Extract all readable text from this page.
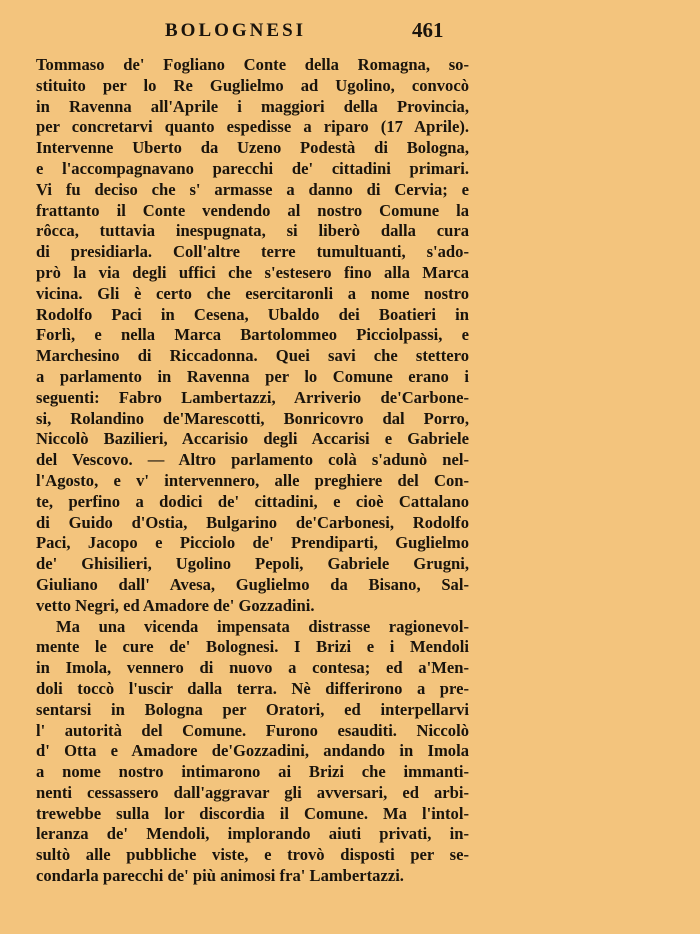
BOLOGNESI	461
Tommaso de' Fogliano Conte della Romagna, so-
stituito per lo Re Guglielmo ad Ugolino, convocò
in Ravenna all'Aprile i maggiori della Provincia,
per concretarvi quanto espedisse a riparo (17 Aprile).
Intervenne Uberto da Uzeno Podestà di Bologna,
e l'accompagnavano parecchi de' cittadini primari.
Vi fu deciso che s' armasse a danno di Cervia; e
frattanto il Conte vendendo al nostro Comune la
rôcca, tuttavia inespugnata, si liberò dalla cura
di presidiarla. Coll'altre terre tumultuanti, s'ado-
prò la via degli uffici che s'estesero fino alla Marca
vicina. Gli è certo che esercitaronli a nome nostro
Rodolfo Paci in Cesena, Ubaldo dei Boatieri in
Forlì, e nella Marca Bartolommeo Picciolpassi, e
Marchesino di Riccadonna. Quei savi che stettero
a parlamento in Ravenna per lo Comune erano i
seguenti: Fabro Lambertazzi, Arriverio de'Carbone-
si, Rolandino de'Marescotti, Bonricovro dal Porro,
Niccolò Bazilieri, Accarisio degli Accarisi e Gabriele
del Vescovo. — Altro parlamento colà s'adunò nel-
l'Agosto, e v' intervennero, alle preghiere del Con-
te, perfino a dodici de' cittadini, e cioè Cattalano
di Guido d'Ostia, Bulgarino de'Carbonesi, Rodolfo
Paci, Jacopo e Picciolo de' Prendiparti, Guglielmo
de' Ghisilieri, Ugolino Pepoli, Gabriele Grugni,
Giuliano dall' Avesa, Guglielmo da Bisano, Sal-
vetto Negri, ed Amadore de' Gozzadini.
Ma una vicenda impensata distrasse ragionevol-
mente le cure de' Bolognesi. I Brizi e i Mendoli
in Imola, vennero di nuovo a contesa; ed a'Men-
doli toccò l'uscir dalla terra. Nè differirono a pre-
sentarsi in Bologna per Oratori, ed interpellarvi
l' autorità del Comune. Furono esauditi. Niccolò
d' Otta e Amadore de'Gozzadini, andando in Imola
a nome nostro intimarono ai Brizi che immanti-
nenti cessassero dall'aggravar gli avversari, ed arbi-
trewebbe sulla lor discordia il Comune. Ma l'intol-
leranza de' Mendoli, implorando aiuti privati, in-
sultò alle pubbliche viste, e trovò disposti per se-
condarla parecchi de' più animosi fra' Lambertazzi.
